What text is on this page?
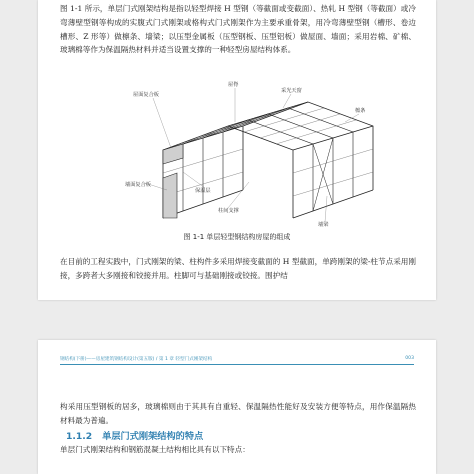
图 1-1 所示，单层门式刚架结构是指以轻型焊接 H 型钢（等截面或变截面）、热轧 H 型钢（等截面）或冷弯薄壁型钢等构成的实腹式门式刚架或格构式门式刚架作为主要承重骨架，用冷弯薄壁型钢（槽形、卷边槽形、Z 形等）做檩条、墙梁；以压型金属板（压型钢板、压型铝板）做屋面、墙面；采用岩棉、矿棉、玻璃棉等作为保温隔热材料并适当设置支撑的一种轻型房屋结构体系。

屋面复合板
屋脊
采光天窗
檩条
墙面复合板
保温层
柱间支撑
墙梁
图 1-1 单层轻型钢结构房屋的组成

在目前的工程实践中，门式刚架的梁、柱构件多采用焊接变截面的 H 型截面，单跨刚架的梁-柱节点采用刚接，多跨者大多刚接和铰接并用。柱脚可与基础刚接或铰接。围护结

钢结构(下册)——房屋建筑钢结构设计(第五版) / 第 1 章 轻型门式刚架结构	003

构采用压型钢板的居多，玻璃棉则由于其具有自重轻、保温隔热性能好及安装方便等特点，用作保温隔热材料最为普遍。

1.1.2 单层门式刚架结构的特点

单层门式刚架结构和钢筋混凝土结构相比具有以下特点：
